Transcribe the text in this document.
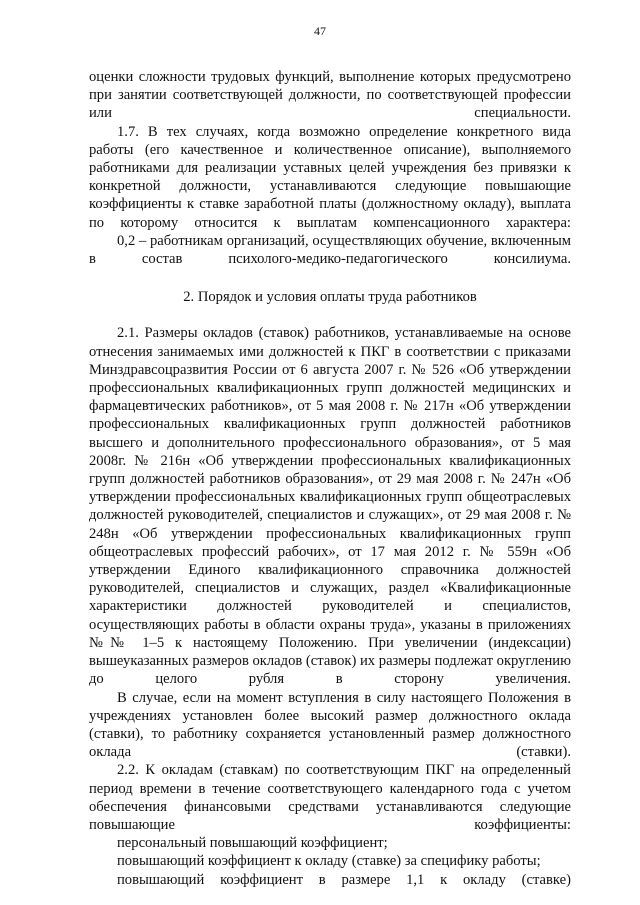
47

оценки сложности трудовых функций, выполнение которых предусмотрено при занятии соответствующей должности, по соответствующей профессии или специальности.

1.7. В тех случаях, когда возможно определение конкретного вида работы (его качественное и количественное описание), выполняемого работниками для реализации уставных целей учреждения без привязки к конкретной должности, устанавливаются следующие повышающие коэффициенты к ставке заработной платы (должностному окладу), выплата по которому относится к выплатам компенсационного характера:

0,2 – работникам организаций, осуществляющих обучение, включенным в состав психолого-медико-педагогического консилиума.

2. Порядок и условия оплаты труда работников

2.1. Размеры окладов (ставок) работников, устанавливаемые на основе отнесения занимаемых ими должностей к ПКГ в соответствии с приказами Минздравсоцразвития России от 6 августа 2007 г. № 526 «Об утверждении профессиональных квалификационных групп должностей медицинских и фармацевтических работников», от 5 мая 2008 г. № 217н «Об утверждении профессиональных квалификационных групп должностей работников высшего и дополнительного профессионального образования», от 5 мая 2008г. № 216н «Об утверждении профессиональных квалификационных групп должностей работников образования», от 29 мая 2008 г. № 247н «Об утверждении профессиональных квалификационных групп общеотраслевых должностей руководителей, специалистов и служащих», от 29 мая 2008 г. № 248н «Об утверждении профессиональных квалификационных групп общеотраслевых профессий рабочих», от 17 мая 2012 г. № 559н «Об утверждении Единого квалификационного справочника должностей руководителей, специалистов и служащих, раздел «Квалификационные характеристики должностей руководителей и специалистов, осуществляющих работы в области охраны труда», указаны в приложениях №№ 1–5 к настоящему Положению. При увеличении (индексации) вышеуказанных размеров окладов (ставок) их размеры подлежат округлению до целого рубля в сторону увеличения.

В случае, если на момент вступления в силу настоящего Положения в учреждениях установлен более высокий размер должностного оклада (ставки), то работнику сохраняется установленный размер должностного оклада (ставки).

2.2. К окладам (ставкам) по соответствующим ПКГ на определенный период времени в течение соответствующего календарного года с учетом обеспечения финансовыми средствами устанавливаются следующие повышающие коэффициенты:

персональный повышающий коэффициент;

повышающий коэффициент к окладу (ставке) за специфику работы;

повышающий коэффициент в размере 1,1 к окладу (ставке)
